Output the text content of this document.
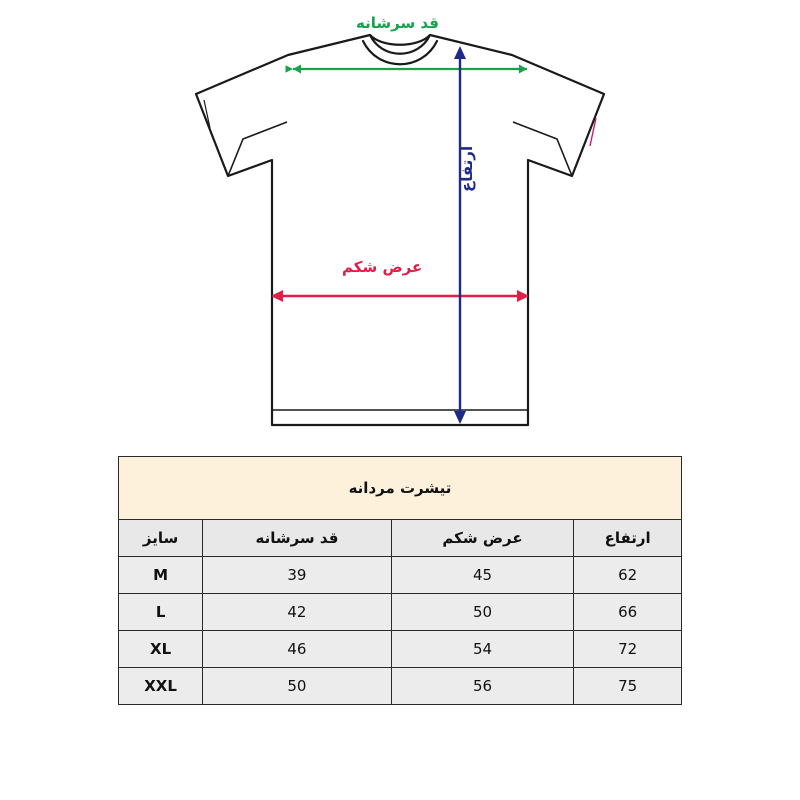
قد سرشانه
عرض شکم
ارتفاع
تیشرت مردانه			
ارتفاع	عرض شکم	قد سرشانه	سایز
62	45	39	M
66	50	42	L
72	54	46	XL
75	56	50	XXL
